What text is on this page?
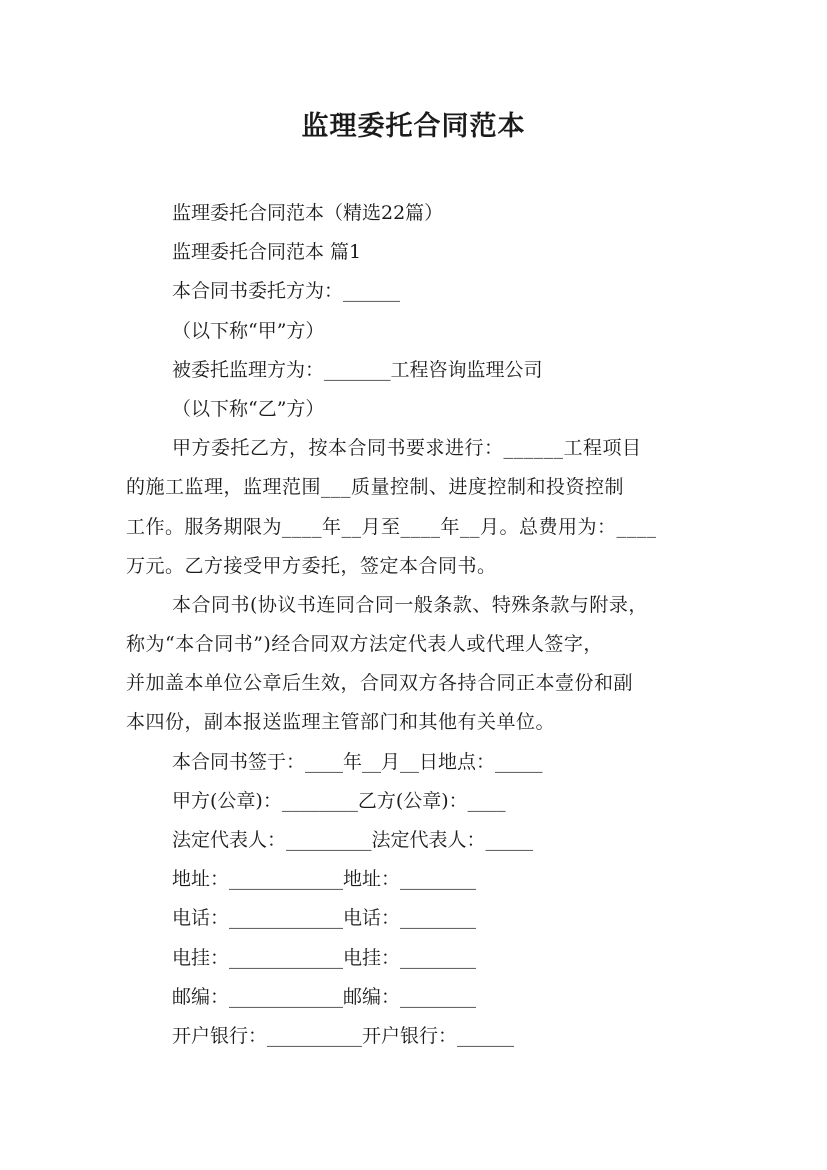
监理委托合同范本
监理委托合同范本（精选22篇）
监理委托合同范本 篇1
本合同书委托方为：______
（以下称“甲”方）
被委托监理方为：_______工程咨询监理公司
（以下称“乙”方）
甲方委托乙方，按本合同书要求进行：______工程项目
的施工监理，监理范围___质量控制、进度控制和投资控制
工作。服务期限为____年__月至____年__月。总费用为：____
万元。乙方接受甲方委托，签定本合同书。
本合同书(协议书连同合同一般条款、特殊条款与附录，
称为“本合同书”)经合同双方法定代表人或代理人签字，
并加盖本单位公章后生效，合同双方各持合同正本壹份和副
本四份，副本报送监理主管部门和其他有关单位。
本合同书签于：____年__月__日地点：_____
甲方(公章)：________乙方(公章)：____
法定代表人：_________法定代表人：_____
地址：____________地址：________
电话：____________电话：________
电挂：____________电挂：________
邮编：____________邮编：________
开户银行：__________开户银行：______
